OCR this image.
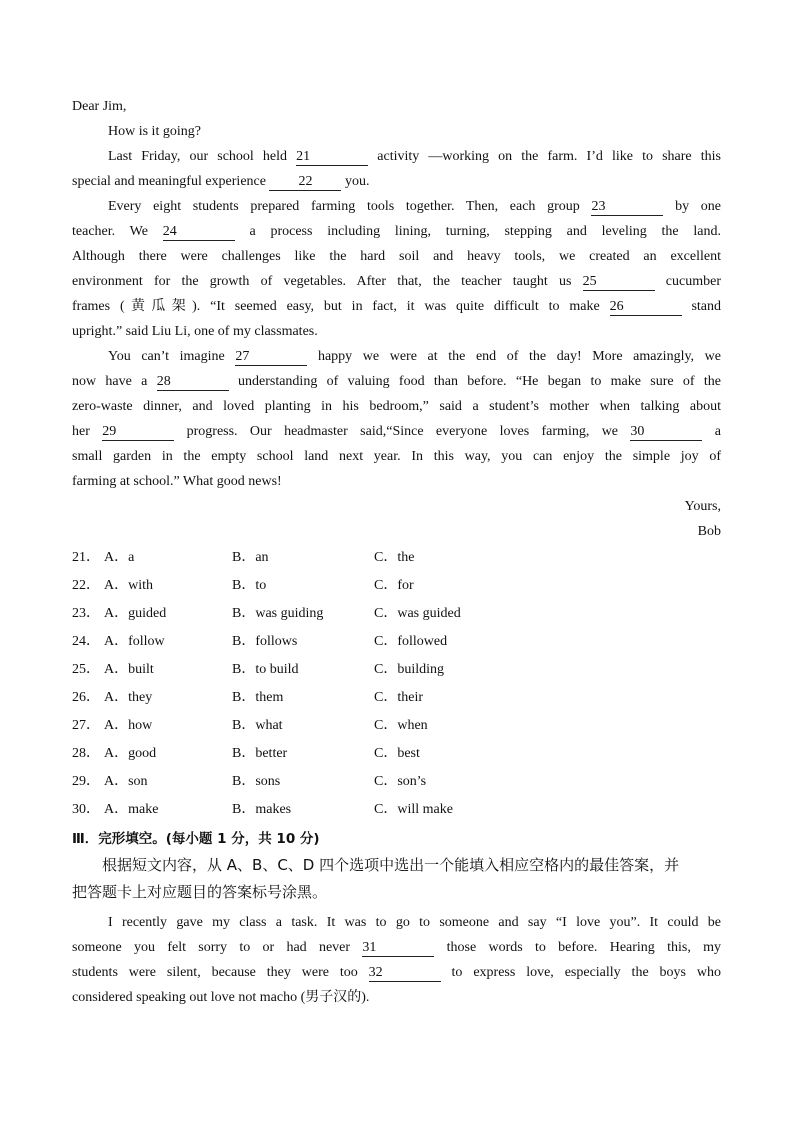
Dear Jim,
How is it going?
Last Friday, our school held 21	activity —working on the farm. I’d like to share this
special and meaningful experience 22 you.
Every eight students prepared farming tools together. Then, each group 23	by one
teacher. We 24	a process including lining, turning, stepping and leveling the land.
Although there were challenges like the hard soil and heavy tools, we created an excellent
environment for the growth of vegetables. After that, the teacher taught us 25	cucumber
frames (黄瓜架). “It seemed easy, but in fact, it was quite difficult to make 26	stand
upright.” said Liu Li, one of my classmates.
You can’t imagine 27	happy we were at the end of the day! More amazingly, we
now have a 28	understanding of valuing food than before. “He began to make sure of the
zero-waste dinner, and loved planting in his bedroom,” said a student’s mother when talking about
her 29	progress. Our headmaster said,“Since everyone loves farming, we 30	a
small garden in the empty school land next year. In this way, you can enjoy the simple joy of
farming at school.” What good news!
Yours,
Bob
21． A．a	B．an	C．the
22． A．with	B．to	C．for
23． A．guided	B．was guiding	C．was guided
24． A．follow	B．follows	C．followed
25． A．built	B．to build	C．building
26． A．they	B．them	C．their
27． A．how	B．what	C．when
28． A．good	B．better	C．best
29． A．son	B．sons	C．son’s
30． A．make	B．makes	C．will make
Ⅲ．完形填空。(每小题 1 分，共 10 分)
根据短文内容，从 A、B、C、D 四个选项中选出一个能填入相应空格内的最佳答案，并
把答题卡上对应题目的答案标号涂黑。
I recently gave my class a task. It was to go to someone and say “I love you”. It could be
someone you felt sorry to or had never 31	those words to before. Hearing this, my
students were silent, because they were too 32	to express love, especially the boys who
considered speaking out love not macho (男子汉的).
